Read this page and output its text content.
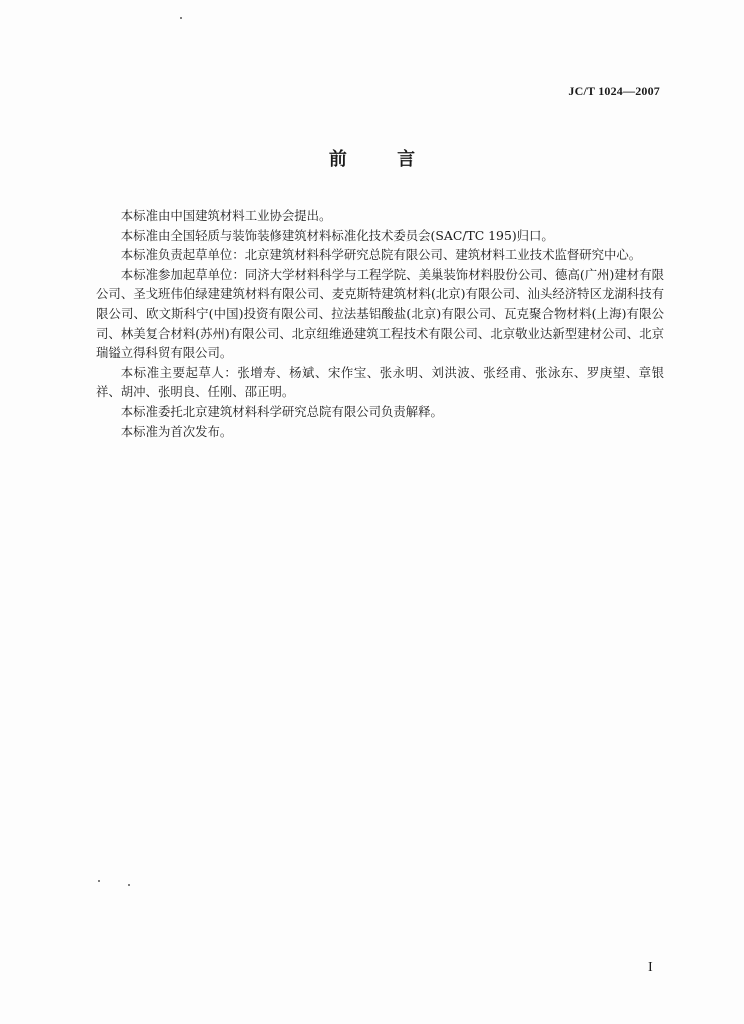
JC/T 1024—2007
前 言

本标准由中国建筑材料工业协会提出。

本标准由全国轻质与装饰装修建筑材料标准化技术委员会(SAC/TC 195)归口。

本标准负责起草单位：北京建筑材料科学研究总院有限公司、建筑材料工业技术监督研究中心。

本标准参加起草单位：同济大学材料科学与工程学院、美巢装饰材料股份公司、德高(广州)建材有限公司、圣戈班伟伯绿建建筑材料有限公司、麦克斯特建筑材料(北京)有限公司、汕头经济特区龙湖科技有限公司、欧文斯科宁(中国)投资有限公司、拉法基铝酸盐(北京)有限公司、瓦克聚合物材料(上海)有限公司、林美复合材料(苏州)有限公司、北京纽维逊建筑工程技术有限公司、北京敬业达新型建材公司、北京瑞镒立得科贸有限公司。

本标准主要起草人：张增寿、杨斌、宋作宝、张永明、刘洪波、张经甫、张泳东、罗庚望、章银祥、胡冲、张明良、任刚、邵正明。

本标准委托北京建筑材料科学研究总院有限公司负责解释。

本标准为首次发布。

I
